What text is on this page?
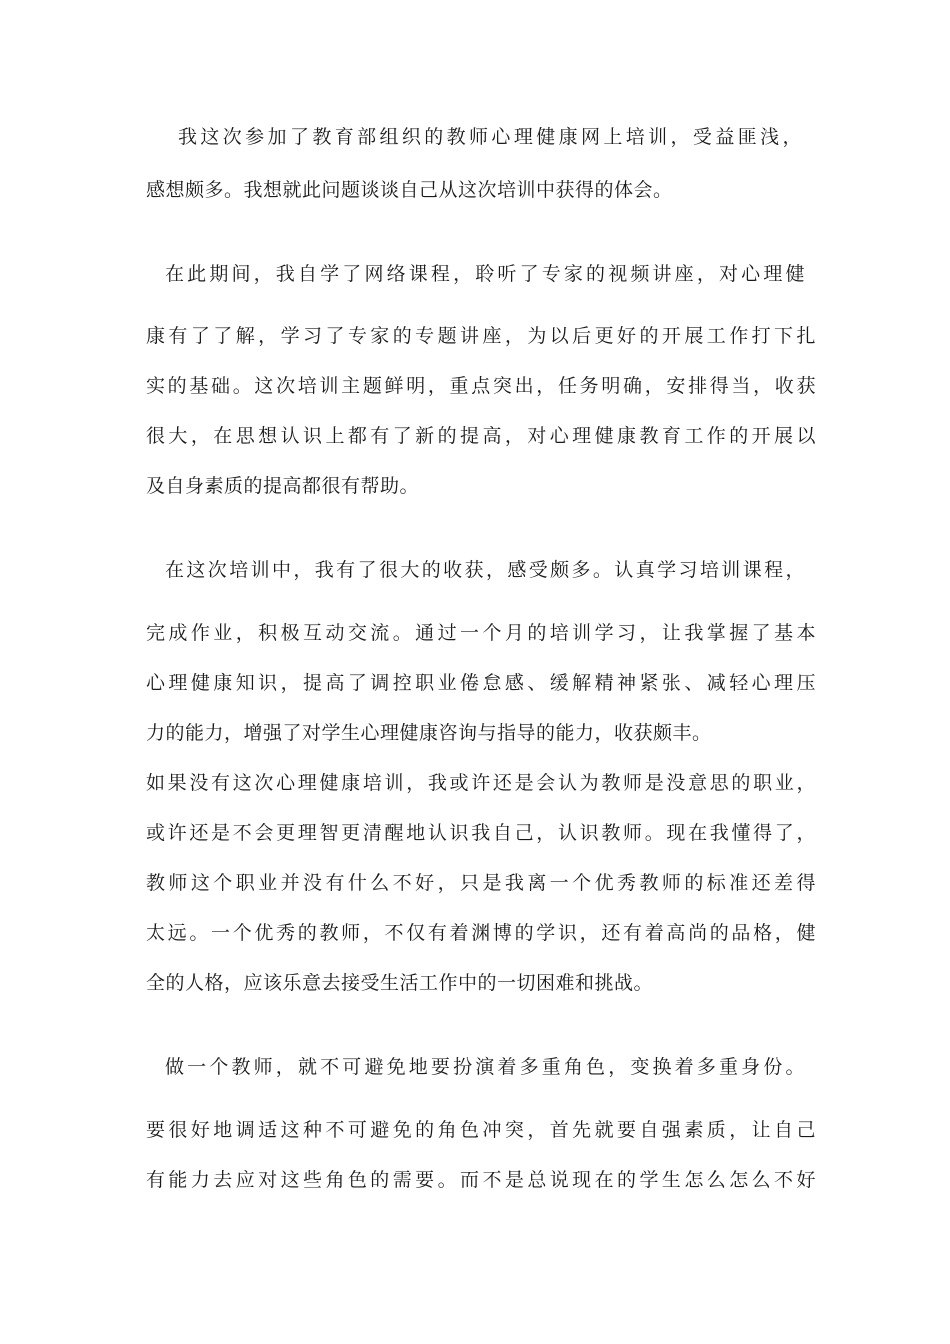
我这次参加了教育部组织的教师心理健康网上培训，受益匪浅，
感想颇多。我想就此问题谈谈自己从这次培训中获得的体会。
在此期间，我自学了网络课程，聆听了专家的视频讲座，对心理健
康有了了解，学习了专家的专题讲座，为以后更好的开展工作打下扎
实的基础。这次培训主题鲜明，重点突出，任务明确，安排得当，收获
很大，在思想认识上都有了新的提高，对心理健康教育工作的开展以
及自身素质的提高都很有帮助。
在这次培训中，我有了很大的收获，感受颇多。认真学习培训课程，
完成作业，积极互动交流。通过一个月的培训学习，让我掌握了基本
心理健康知识，提高了调控职业倦怠感、缓解精神紧张、减轻心理压
力的能力，增强了对学生心理健康咨询与指导的能力，收获颇丰。
如果没有这次心理健康培训，我或许还是会认为教师是没意思的职业，
或许还是不会更理智更清醒地认识我自己，认识教师。现在我懂得了，
教师这个职业并没有什么不好，只是我离一个优秀教师的标准还差得
太远。一个优秀的教师，不仅有着渊博的学识，还有着高尚的品格，健
全的人格，应该乐意去接受生活工作中的一切困难和挑战。
做一个教师，就不可避免地要扮演着多重角色，变换着多重身份。
要很好地调适这种不可避免的角色冲突，首先就要自强素质，让自己
有能力去应对这些角色的需要。而不是总说现在的学生怎么怎么不好
